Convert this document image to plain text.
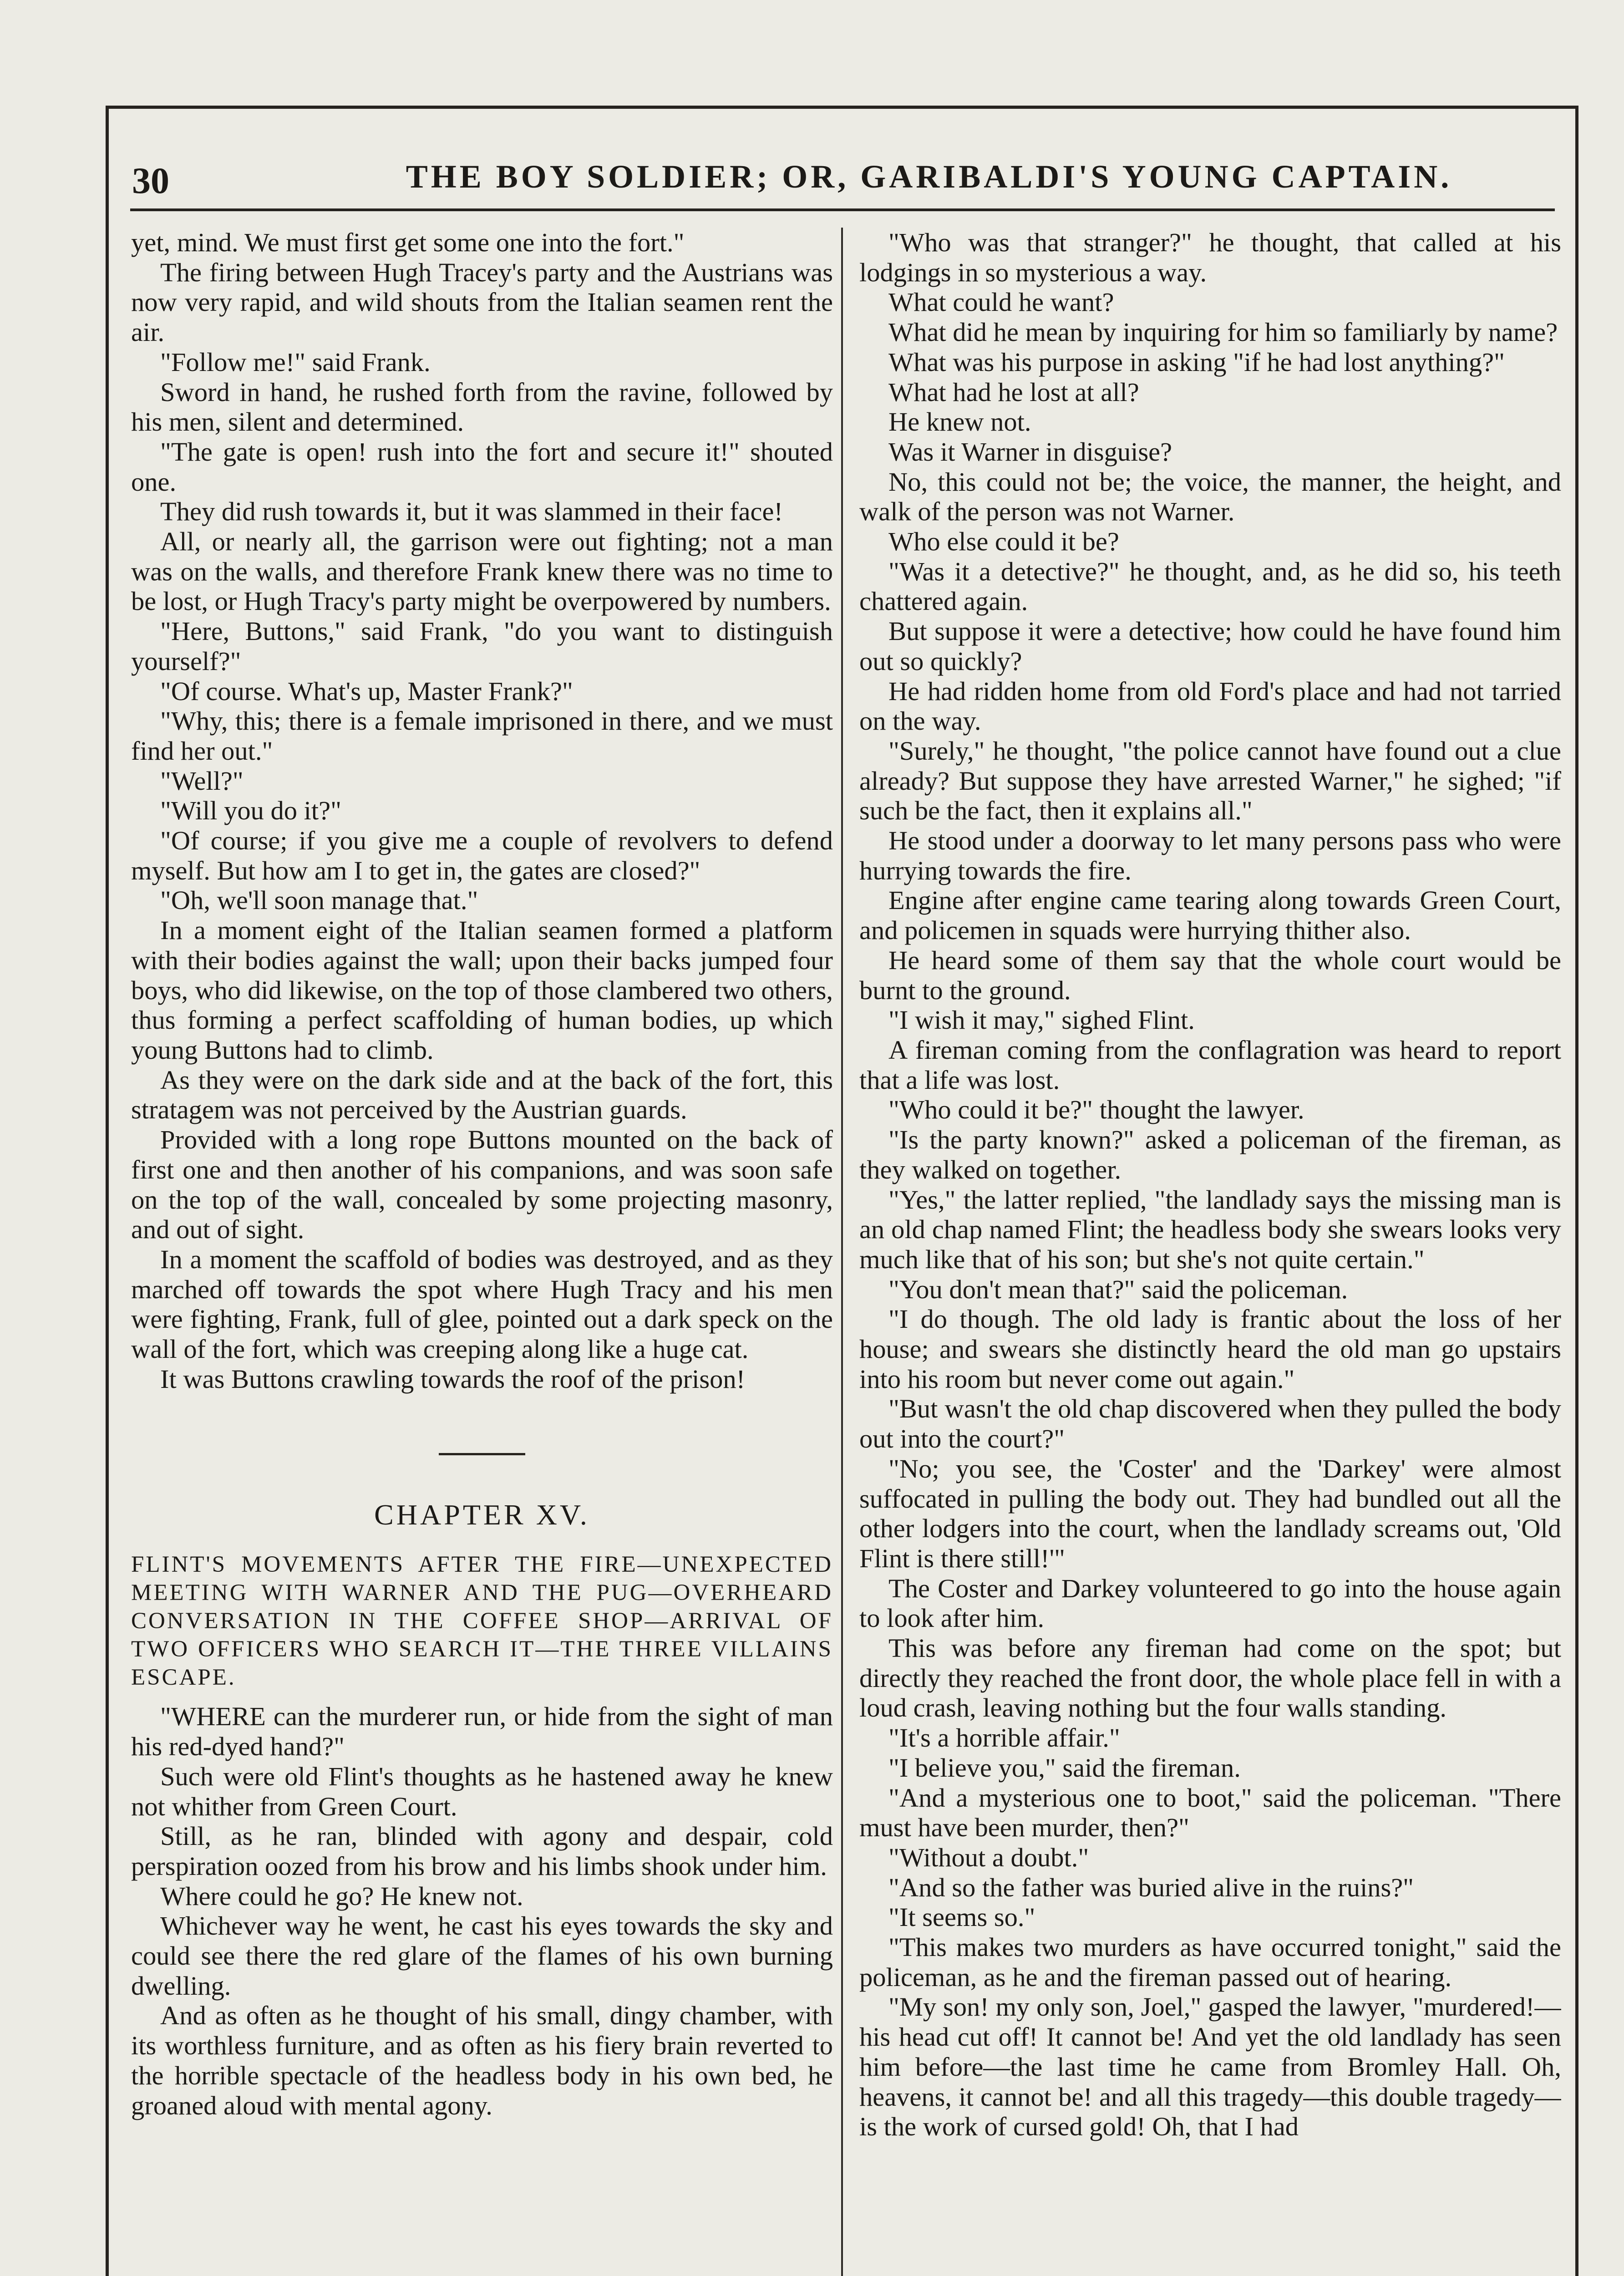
30	THE BOY SOLDIER; OR, GARIBALDI'S YOUNG CAPTAIN.

yet, mind. We must first get some one into the fort."

The firing between Hugh Tracey's party and the Austrians was now very rapid, and wild shouts from the Italian seamen rent the air.

"Follow me!" said Frank.

Sword in hand, he rushed forth from the ravine, followed by his men, silent and determined.

"The gate is open! rush into the fort and secure it!" shouted one.

They did rush towards it, but it was slammed in their face!

All, or nearly all, the garrison were out fighting; not a man was on the walls, and therefore Frank knew there was no time to be lost, or Hugh Tracy's party might be overpowered by numbers.

"Here, Buttons," said Frank, "do you want to distinguish yourself?"

"Of course. What's up, Master Frank?"

"Why, this; there is a female imprisoned in there, and we must find her out."

"Well?"

"Will you do it?"

"Of course; if you give me a couple of revolvers to defend myself. But how am I to get in, the gates are closed?"

"Oh, we'll soon manage that."

In a moment eight of the Italian seamen formed a platform with their bodies against the wall; upon their backs jumped four boys, who did likewise, on the top of those clambered two others, thus forming a perfect scaffolding of human bodies, up which young Buttons had to climb.

As they were on the dark side and at the back of the fort, this stratagem was not perceived by the Austrian guards.

Provided with a long rope Buttons mounted on the back of first one and then another of his companions, and was soon safe on the top of the wall, concealed by some projecting masonry, and out of sight.

In a moment the scaffold of bodies was destroyed, and as they marched off towards the spot where Hugh Tracy and his men were fighting, Frank, full of glee, pointed out a dark speck on the wall of the fort, which was creeping along like a huge cat.

It was Buttons crawling towards the roof of the prison!

CHAPTER XV.

FLINT'S MOVEMENTS AFTER THE FIRE—UNEXPECTED MEETING WITH WARNER AND THE PUG—OVERHEARD CONVERSATION IN THE COFFEE SHOP—ARRIVAL OF TWO OFFICERS WHO SEARCH IT—THE THREE VILLAINS ESCAPE.

"WHERE can the murderer run, or hide from the sight of man his red-dyed hand?"

Such were old Flint's thoughts as he hastened away he knew not whither from Green Court.

Still, as he ran, blinded with agony and despair, cold perspiration oozed from his brow and his limbs shook under him.

Where could he go? He knew not.

Whichever way he went, he cast his eyes towards the sky and could see there the red glare of the flames of his own burning dwelling.

And as often as he thought of his small, dingy chamber, with its worthless furniture, and as often as his fiery brain reverted to the horrible spectacle of the headless body in his own bed, he groaned aloud with mental agony.

"Who was that stranger?" he thought, that called at his lodgings in so mysterious a way.

What could he want?

What did he mean by inquiring for him so familiarly by name?

What was his purpose in asking "if he had lost anything?"

What had he lost at all?

He knew not.

Was it Warner in disguise?

No, this could not be; the voice, the manner, the height, and walk of the person was not Warner.

Who else could it be?

"Was it a detective?" he thought, and, as he did so, his teeth chattered again.

But suppose it were a detective; how could he have found him out so quickly?

He had ridden home from old Ford's place and had not tarried on the way.

"Surely," he thought, "the police cannot have found out a clue already? But suppose they have arrested Warner," he sighed; "if such be the fact, then it explains all."

He stood under a doorway to let many persons pass who were hurrying towards the fire.

Engine after engine came tearing along towards Green Court, and policemen in squads were hurrying thither also.

He heard some of them say that the whole court would be burnt to the ground.

"I wish it may," sighed Flint.

A fireman coming from the conflagration was heard to report that a life was lost.

"Who could it be?" thought the lawyer.

"Is the party known?" asked a policeman of the fireman, as they walked on together.

"Yes," the latter replied, "the landlady says the missing man is an old chap named Flint; the headless body she swears looks very much like that of his son; but she's not quite certain."

"You don't mean that?" said the policeman.

"I do though. The old lady is frantic about the loss of her house; and swears she distinctly heard the old man go upstairs into his room but never come out again."

"But wasn't the old chap discovered when they pulled the body out into the court?"

"No; you see, the 'Coster' and the 'Darkey' were almost suffocated in pulling the body out. They had bundled out all the other lodgers into the court, when the landlady screams out, 'Old Flint is there still!'"

The Coster and Darkey volunteered to go into the house again to look after him.

This was before any fireman had come on the spot; but directly they reached the front door, the whole place fell in with a loud crash, leaving nothing but the four walls standing.

"It's a horrible affair."

"I believe you," said the fireman.

"And a mysterious one to boot," said the policeman. "There must have been murder, then?"

"Without a doubt."

"And so the father was buried alive in the ruins?"

"It seems so."

"This makes two murders as have occurred tonight," said the policeman, as he and the fireman passed out of hearing.

"My son! my only son, Joel," gasped the lawyer, "murdered!—his head cut off! It cannot be! And yet the old landlady has seen him before—the last time he came from Bromley Hall. Oh, heavens, it cannot be! and all this tragedy—this double tragedy—is the work of cursed gold! Oh, that I had
